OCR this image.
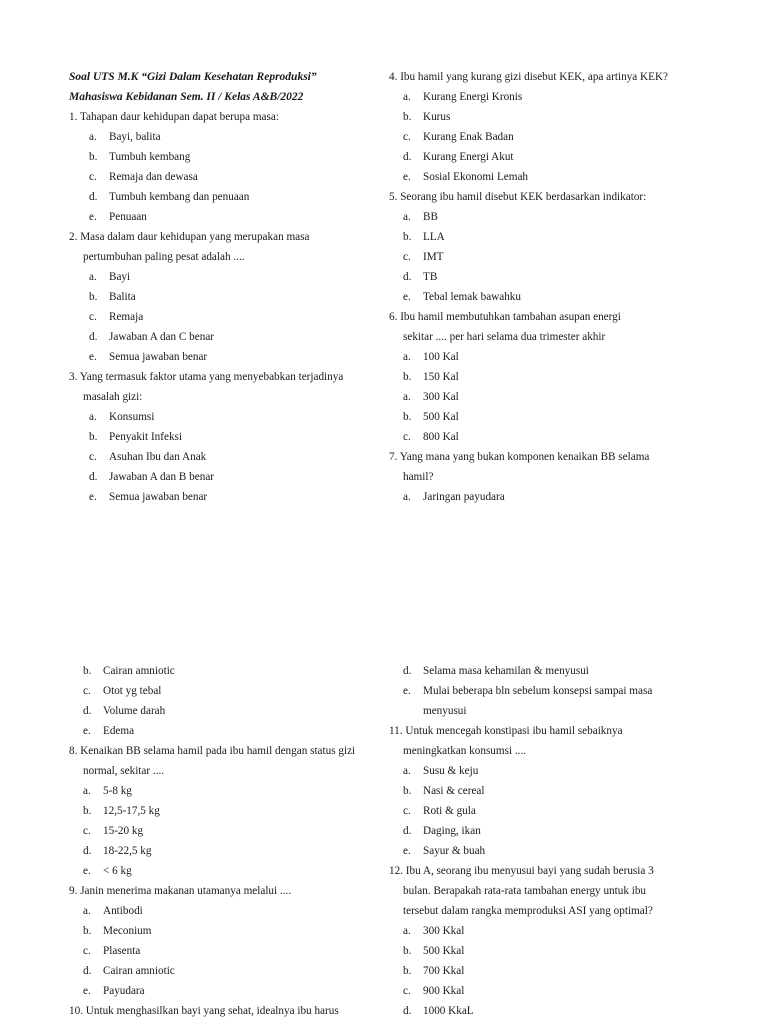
Soal UTS M.K “Gizi Dalam Kesehatan Reproduksi”
Mahasiswa Kebidanan Sem. II / Kelas A&B/2022
1. Tahapan daur kehidupan dapat berupa masa:
a.	Bayi, balita
b.	Tumbuh kembang
c.	Remaja dan dewasa
d.	Tumbuh kembang dan penuaan
e.	Penuaan
2. Masa dalam daur kehidupan yang merupakan masa
pertumbuhan paling pesat adalah ....
a.	Bayi
b.	Balita
c.	Remaja
d.	Jawaban A dan C benar
e.	Semua jawaban benar
3. Yang termasuk faktor utama yang menyebabkan terjadinya
masalah gizi:
a.	Konsumsi
b.	Penyakit Infeksi
c.	Asuhan Ibu dan Anak
d.	Jawaban A dan B benar
e.	Semua jawaban benar
4. Ibu hamil yang kurang gizi disebut KEK, apa artinya KEK?
a.	Kurang Energi Kronis
b.	Kurus
c.	Kurang Enak Badan
d.	Kurang Energi Akut
e.	Sosial Ekonomi Lemah
5. Seorang ibu hamil disebut KEK berdasarkan indikator:
a.	BB
b.	LLA
c.	IMT
d.	TB
e.	Tebal lemak bawahku
6. Ibu hamil membutuhkan tambahan asupan energi
sekitar .... per hari selama dua trimester akhir
a.	100 Kal
b.	150 Kal
a.	300 Kal
b.	500 Kal
c.	800 Kal
7. Yang mana yang bukan komponen kenaikan BB selama
hamil?
a.	Jaringan payudara
b.	Cairan amniotic
c.	Otot yg tebal
d.	Volume darah
e.	Edema
8. Kenaikan BB selama hamil pada ibu hamil dengan status gizi
normal, sekitar ....
a.	5-8 kg
b.	12,5-17,5 kg
c.	15-20 kg
d.	18-22,5 kg
e.	< 6 kg
9. Janin menerima makanan utamanya melalui ....
a.	Antibodi
b.	Meconium
c.	Plasenta
d.	Cairan amniotic
e.	Payudara
10. Untuk menghasilkan bayi yang sehat, idealnya ibu harus
d.	Selama masa kehamilan & menyusui
e.	Mulai beberapa bln sebelum konsepsi sampai masa
menyusui
11. Untuk mencegah konstipasi ibu hamil sebaiknya
meningkatkan konsumsi ....
a.	Susu & keju
b.	Nasi & cereal
c.	Roti & gula
d.	Daging, ikan
e.	Sayur & buah
12. Ibu A, seorang ibu menyusui bayi yang sudah berusia 3
bulan. Berapakah rata-rata tambahan energy untuk ibu
tersebut dalam rangka memproduksi ASI yang optimal?
a.	300 Kkal
b.	500 Kkal
b.	700 Kkal
c.	900 Kkal
d.	1000 KkaL
